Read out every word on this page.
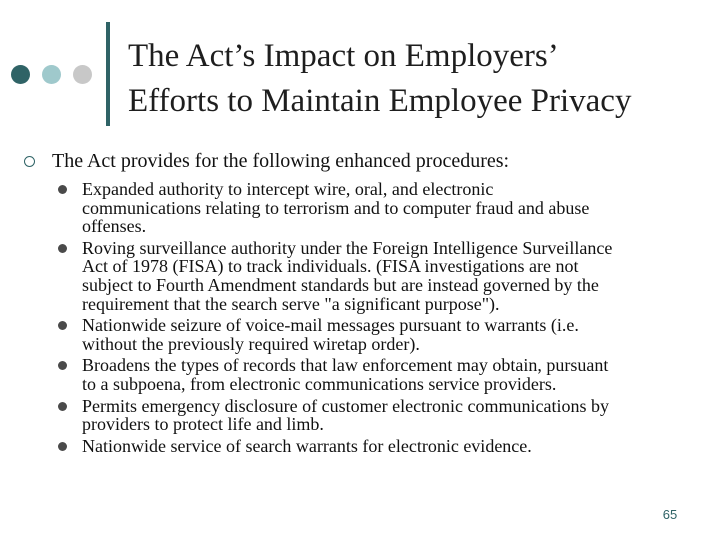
The Act’s Impact on Employers’
Efforts to Maintain Employee Privacy
The Act provides for the following enhanced procedures:
Expanded authority to intercept wire, oral, and electronic
communications relating to terrorism and to computer fraud and abuse
offenses.
Roving surveillance authority under the Foreign Intelligence Surveillance
Act of 1978 (FISA) to track individuals. (FISA investigations are not
subject to Fourth Amendment standards but are instead governed by the
requirement that the search serve "a significant purpose").
Nationwide seizure of voice-mail messages pursuant to warrants (i.e.
without the previously required wiretap order).
Broadens the types of records that law enforcement may obtain, pursuant
to a subpoena, from electronic communications service providers.
Permits emergency disclosure of customer electronic communications by
providers to protect life and limb.
Nationwide service of search warrants for electronic evidence.
65
